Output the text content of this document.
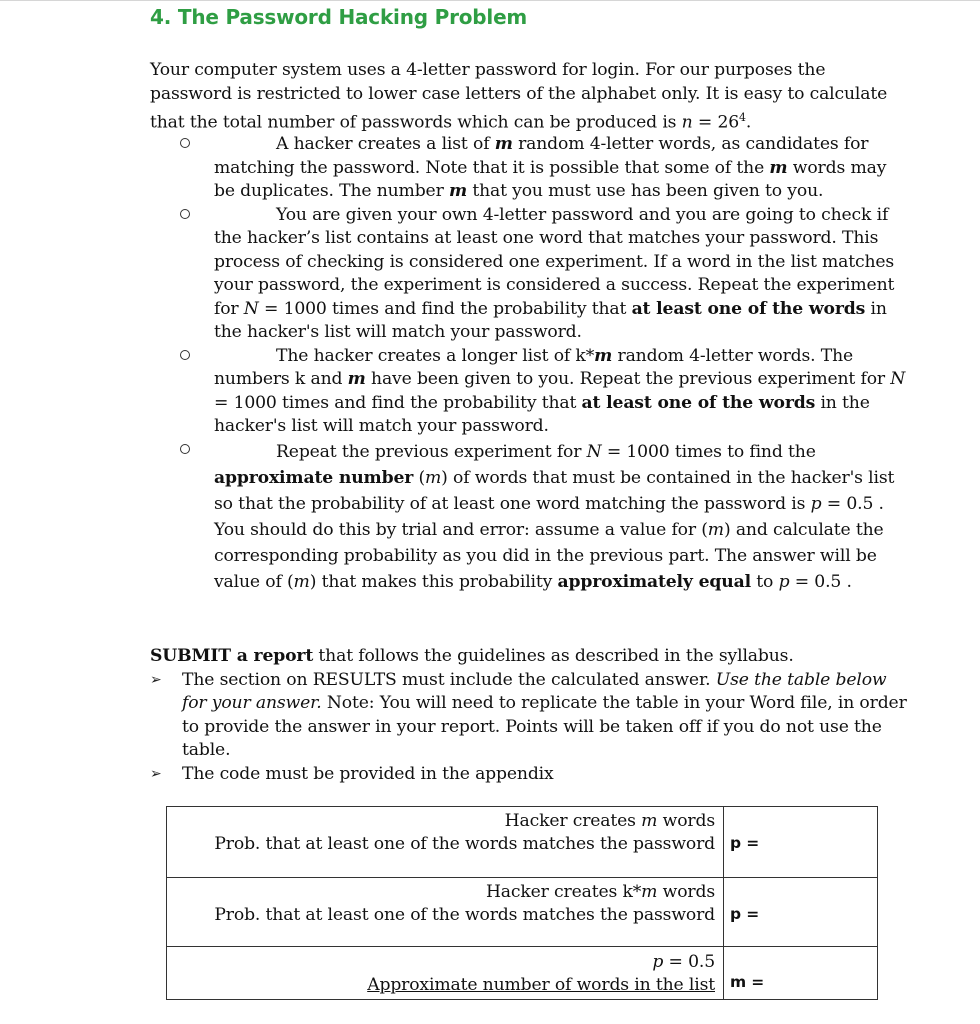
4. The Password Hacking Problem
Your computer system uses a 4-letter password for login. For our purposes the password is restricted to lower case letters of the alphabet only. It is easy to calculate that the total number of passwords which can be produced is $n = 26^4$.
A hacker creates a list of m random 4-letter words, as candidates for matching the password. Note that it is possible that some of the m words may be duplicates. The number m that you must use has been given to you.
You are given your own 4-letter password and you are going to check if the hacker’s list contains at least one word that matches your password. This process of checking is considered one experiment. If a word in the list matches your password, the experiment is considered a success. Repeat the experiment for N = 1000 times and find the probability that at least one of the words in the hacker's list will match your password.
The hacker creates a longer list of k*m random 4-letter words. The numbers k and m have been given to you. Repeat the previous experiment for N = 1000 times and find the probability that at least one of the words in the hacker's list will match your password.
Repeat the previous experiment for N = 1000 times to find the approximate number (m) of words that must be contained in the hacker's list so that the probability of at least one word matching the password is p = 0.5 . You should do this by trial and error: assume a value for (m) and calculate the corresponding probability as you did in the previous part. The answer will be value of (m) that makes this probability approximately equal to p = 0.5 .
SUBMIT a report that follows the guidelines as described in the syllabus.
➢ The section on RESULTS must include the calculated answer. Use the table below for your answer. Note: You will need to replicate the table in your Word file, in order to provide the answer in your report. Points will be taken off if you do not use the table.
➢ The code must be provided in the appendix
Hacker creates m words
Prob. that at least one of the words matches the password	p =

Hacker creates k*m words
Prob. that at least one of the words matches the password	p =

p = 0.5
Approximate number of words in the list	m =
